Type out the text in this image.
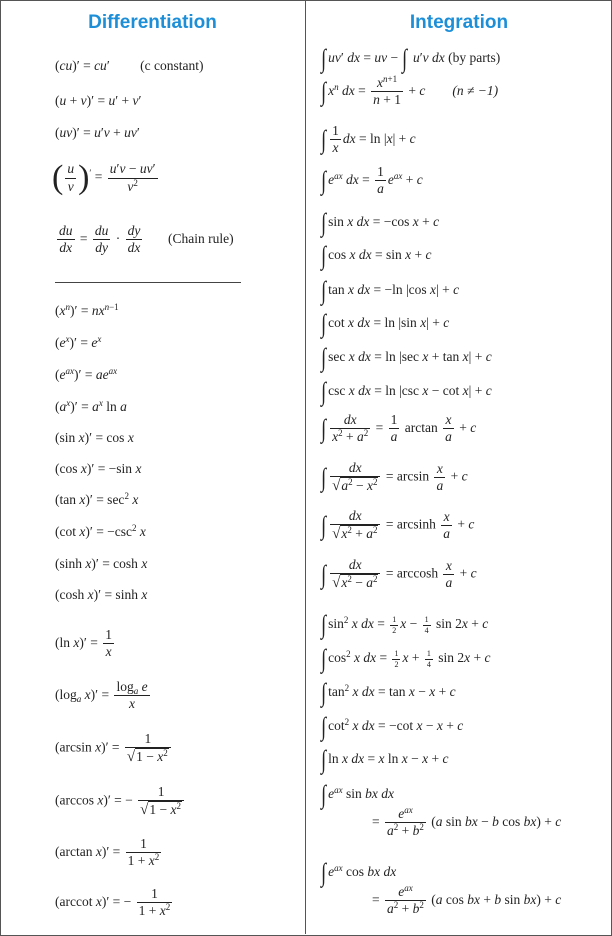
Differentiation	Integration
(cu)′ = cu′         (c constant)
(u + v)′ = u′ + v′
(uv)′ = u′v + uv′
( $\frac{u}{v} )' = \frac{u'v - uv'}{v^2}$
$\frac{du}{dx} = \frac{du}{dy} \cdot \frac{dy}{dx}$ (Chain rule)
$(x^n)' = nx^{n-1}$
$(e^x)' = e^x$
$(e^{ax})' = ae^{ax}$
$(a^x)' = a^x$ ln a
(sin x)′ = cos x
(cos x)′ = −sin x
(tan $x)' = \sec^2 x$
(cot $x)' = -\csc^2$ x
(sinh x)′ = cosh x
(cosh x)′ = sinh x
(ln $x)' = \frac{1}{x}$
($\log_a$ $x)' = \frac{\log_a e}{x}$
(arcsin $x)' = \frac{1}{√1 - x^2}$
(arccos x)′ = − $\frac{1}{√1 - x^2}$
(arctan $x)' = \frac{1}{1 + x^2}$
(arccot x)′ = − $\frac{1}{1 + x^2}$
∫ uv′ dx = uv − ∫ u′v dx (by parts)
∫ $x^n$ dx = $\frac{x^{n+1}}{n + 1} + c$ (n ≠ −1)
∫ $\frac{1}{x}$ dx = ln |x| + c
∫ $e^{ax}$ dx = $\frac{1}{a} e^{ax} + c$
∫ sin x dx = −cos x + c
∫ cos x dx = sin x + c
∫ tan x dx = −ln |cos x| + c
∫ cot x dx = ln |sin x| + c
∫ sec x dx = ln |sec x + tan x| + c
∫ csc x dx = ln |csc x − cot x| + c
∫ $\frac{dx}{x^2 + a^2} = \frac{1}{a}$ $\arctan \frac{x}{a} + c$
∫ $\frac{dx}{√a^2 - x^2} = \arcsin \frac{x}{a} + c$
∫ $\frac{dx}{√x^2 + a^2} = \arcsin h \frac{x}{a} + c$
∫ $\frac{dx}{√x^2 - a^2} = \arccos h \frac{x}{a} + c$
∫ $\sin^2 x$ dx = $\frac{1}{2}$ $x - \frac{1}{4}$ sin 2x + c
∫ $\cos^2 x$ dx = $\frac{1}{2}$ $x + \frac{1}{4}$ sin 2x + c
∫ $\tan^2 x$ dx = tan x − x + c
∫ $\cot^2 x$ dx = −cot x − x + c
∫ ln x dx = x ln x − x + c
∫ $e^{ax}$ sin bx dx
= $\frac{e^{ax}}{a^2 + b^2} (a$ sin bx − b cos bx) + c
∫ $e^{ax}$ cos bx dx
= $\frac{e^{ax}}{a^2 + b^2} (a$ cos bx + b sin bx) + c
